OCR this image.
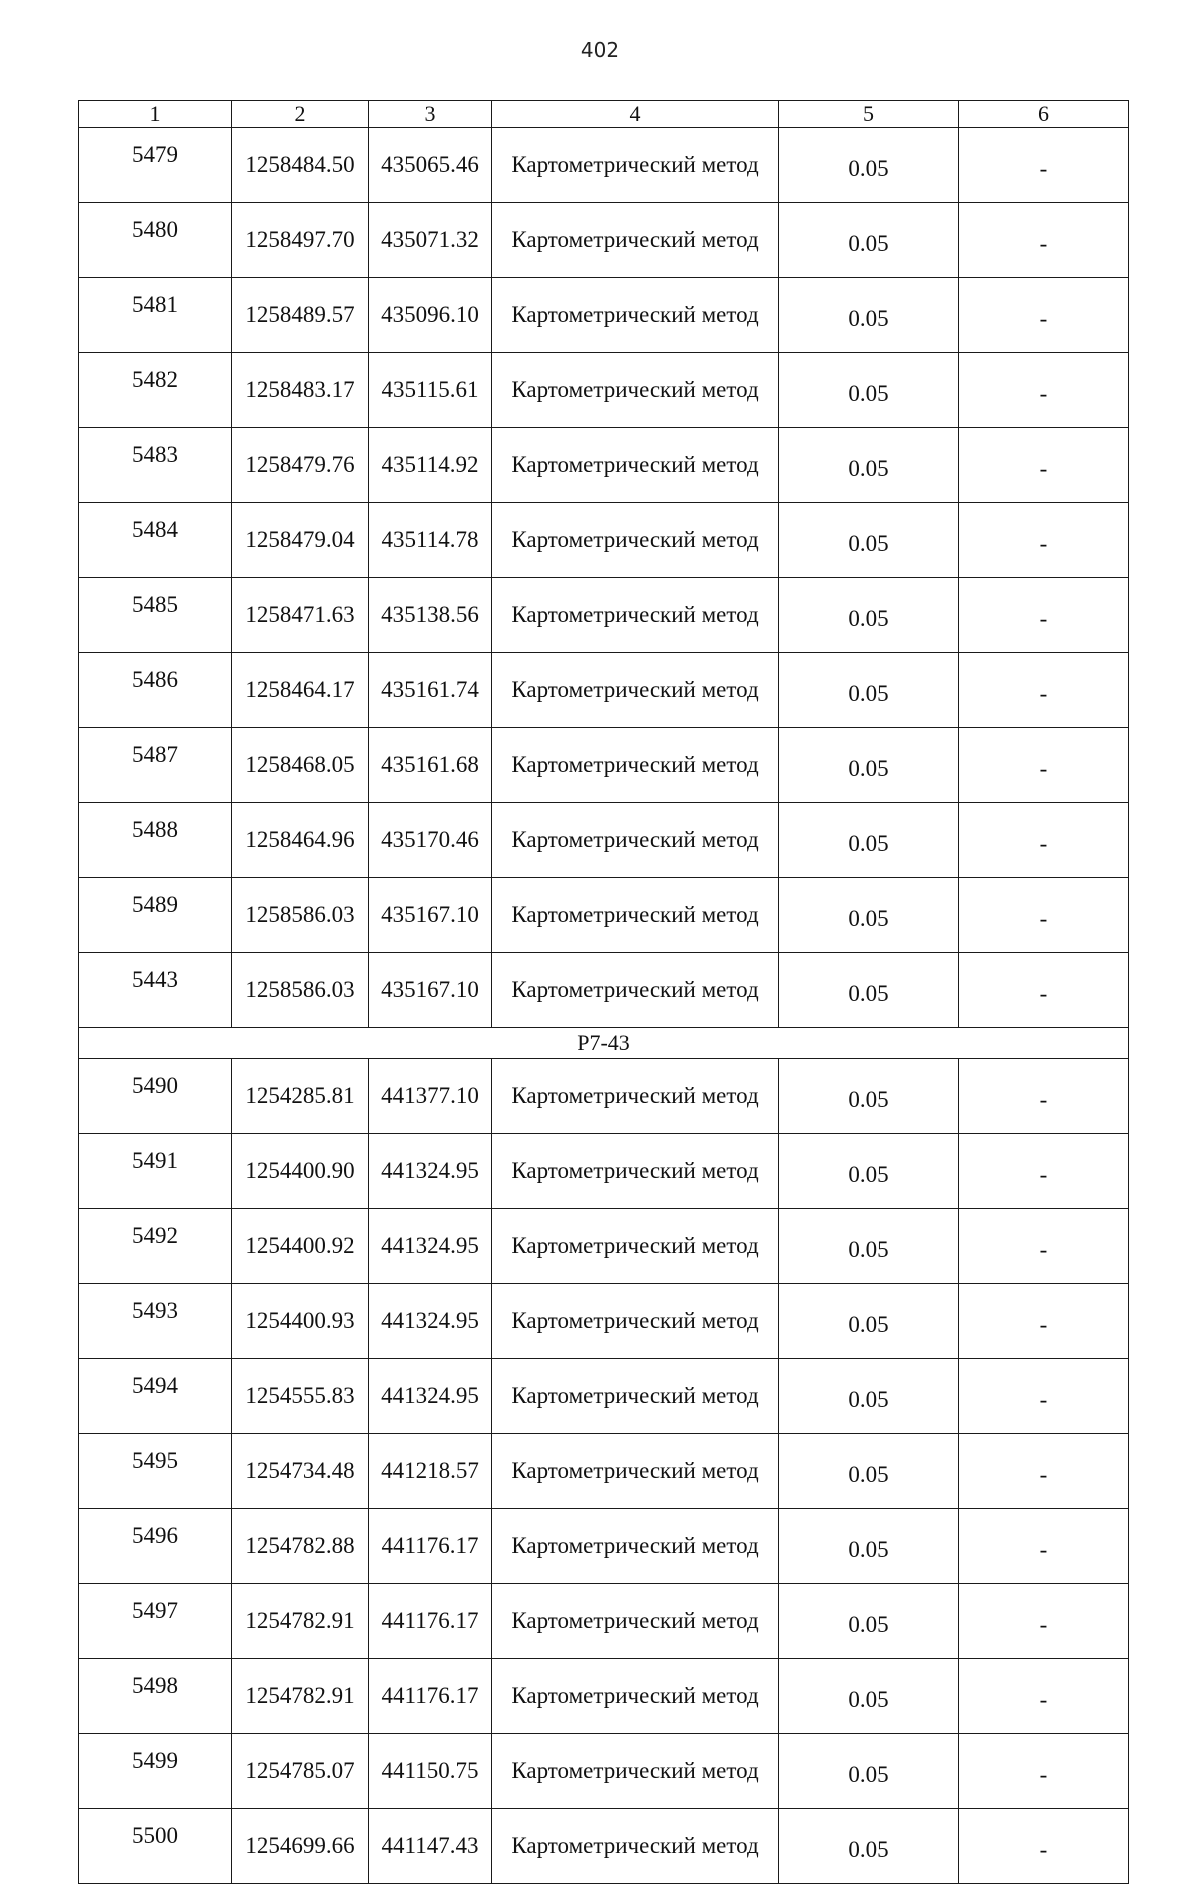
402
1	2	3	4	5	6
5479	1258484.50	435065.46	Картометрический метод	0.05	-
5480	1258497.70	435071.32	Картометрический метод	0.05	-
5481	1258489.57	435096.10	Картометрический метод	0.05	-
5482	1258483.17	435115.61	Картометрический метод	0.05	-
5483	1258479.76	435114.92	Картометрический метод	0.05	-
5484	1258479.04	435114.78	Картометрический метод	0.05	-
5485	1258471.63	435138.56	Картометрический метод	0.05	-
5486	1258464.17	435161.74	Картометрический метод	0.05	-
5487	1258468.05	435161.68	Картометрический метод	0.05	-
5488	1258464.96	435170.46	Картометрический метод	0.05	-
5489	1258586.03	435167.10	Картометрический метод	0.05	-
5443	1258586.03	435167.10	Картометрический метод	0.05	-
P7-43					
5490	1254285.81	441377.10	Картометрический метод	0.05	-
5491	1254400.90	441324.95	Картометрический метод	0.05	-
5492	1254400.92	441324.95	Картометрический метод	0.05	-
5493	1254400.93	441324.95	Картометрический метод	0.05	-
5494	1254555.83	441324.95	Картометрический метод	0.05	-
5495	1254734.48	441218.57	Картометрический метод	0.05	-
5496	1254782.88	441176.17	Картометрический метод	0.05	-
5497	1254782.91	441176.17	Картометрический метод	0.05	-
5498	1254782.91	441176.17	Картометрический метод	0.05	-
5499	1254785.07	441150.75	Картометрический метод	0.05	-
5500	1254699.66	441147.43	Картометрический метод	0.05	-
